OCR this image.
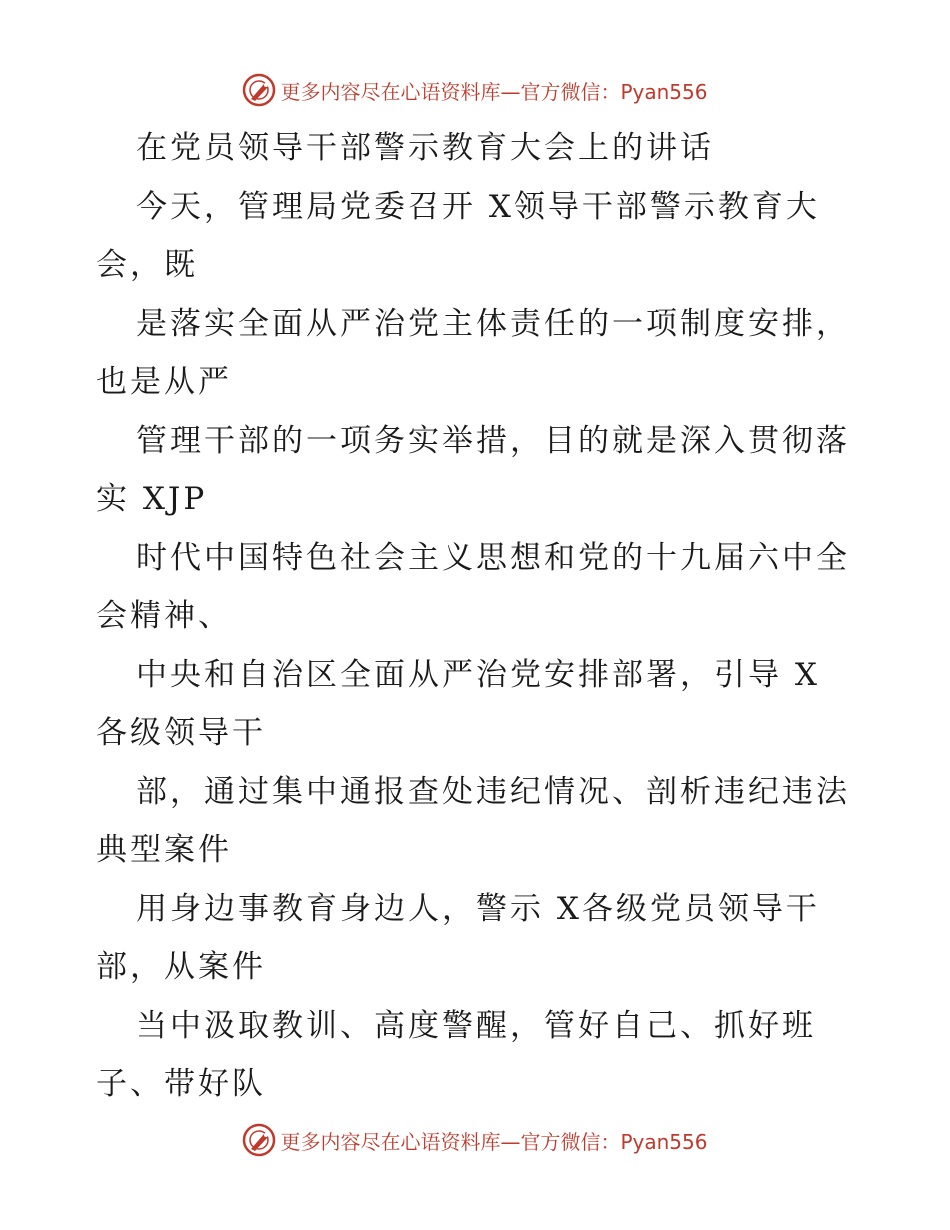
更多内容尽在心语资料库—官方微信：Pyan556
在党员领导干部警示教育大会上的讲话
今天，管理局党委召开 X领导干部警示教育大
会，既
是落实全面从严治党主体责任的一项制度安排，
也是从严
管理干部的一项务实举措，目的就是深入贯彻落
实 XJP
时代中国特色社会主义思想和党的十九届六中全
会精神、
中央和自治区全面从严治党安排部署，引导 X
各级领导干
部，通过集中通报查处违纪情况、剖析违纪违法
典型案件
用身边事教育身边人，警示 X各级党员领导干
部，从案件
当中汲取教训、高度警醒，管好自己、抓好班
子、带好队
更多内容尽在心语资料库—官方微信：Pyan556
